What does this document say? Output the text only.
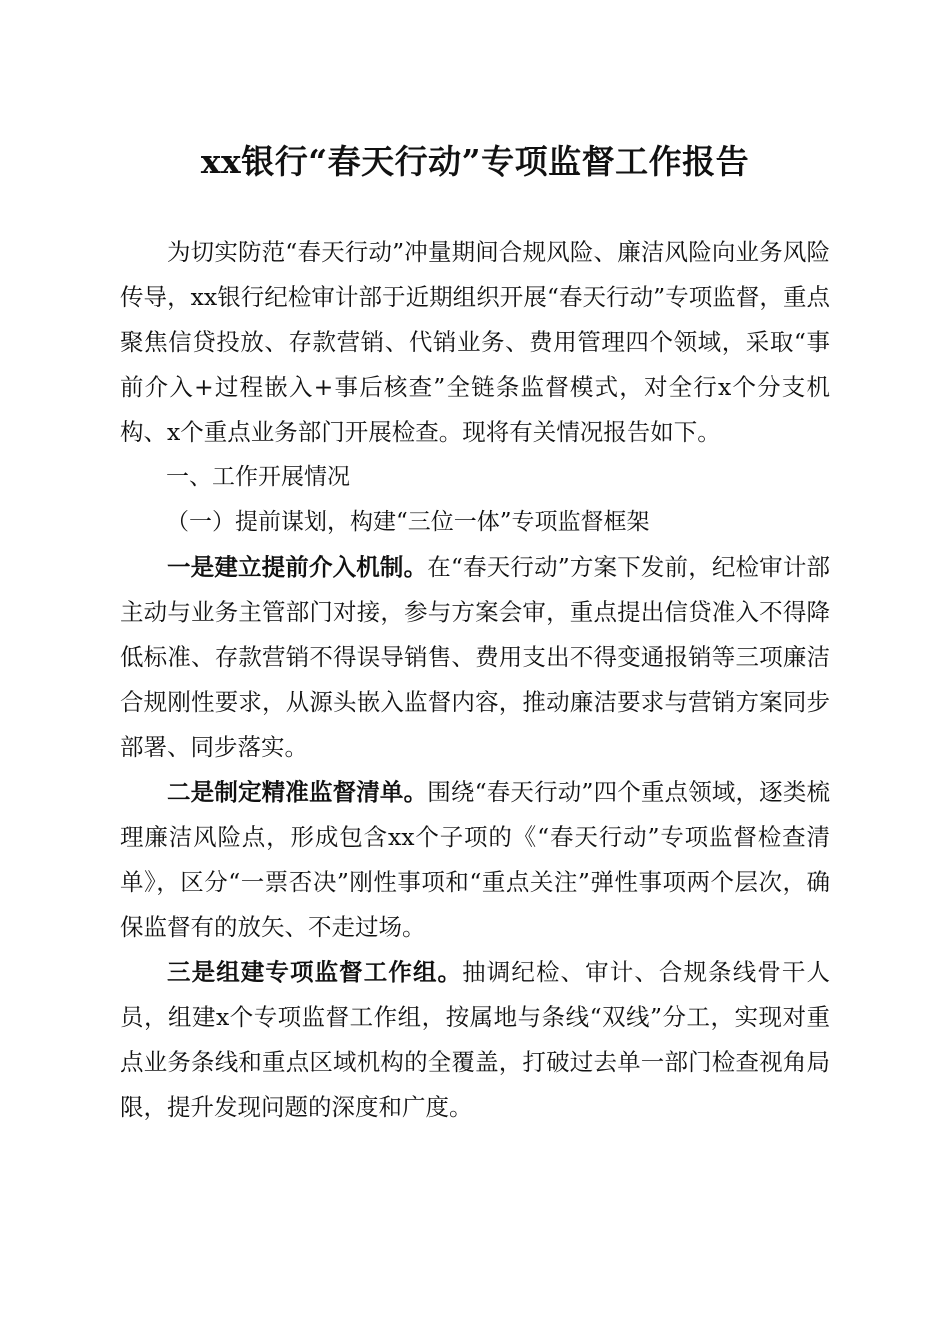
xx银行“春天行动”专项监督工作报告

为切实防范“春天行动”冲量期间合规风险、廉洁风险向业务风险传导，xx银行纪检审计部于近期组织开展“春天行动”专项监督，重点聚焦信贷投放、存款营销、代销业务、费用管理四个领域，采取“事前介入+过程嵌入+事后核查”全链条监督模式，对全行x个分支机构、x个重点业务部门开展检查。现将有关情况报告如下。

一、工作开展情况

（一）提前谋划，构建“三位一体”专项监督框架

一是建立提前介入机制。在“春天行动”方案下发前，纪检审计部主动与业务主管部门对接，参与方案会审，重点提出信贷准入不得降低标准、存款营销不得误导销售、费用支出不得变通报销等三项廉洁合规刚性要求，从源头嵌入监督内容，推动廉洁要求与营销方案同步部署、同步落实。

二是制定精准监督清单。围绕“春天行动”四个重点领域，逐类梳理廉洁风险点，形成包含xx个子项的《“春天行动”专项监督检查清单》，区分“一票否决”刚性事项和“重点关注”弹性事项两个层次，确保监督有的放矢、不走过场。

三是组建专项监督工作组。抽调纪检、审计、合规条线骨干人员，组建x个专项监督工作组，按属地与条线“双线”分工，实现对重点业务条线和重点区域机构的全覆盖，打破过去单一部门检查视角局限，提升发现问题的深度和广度。
